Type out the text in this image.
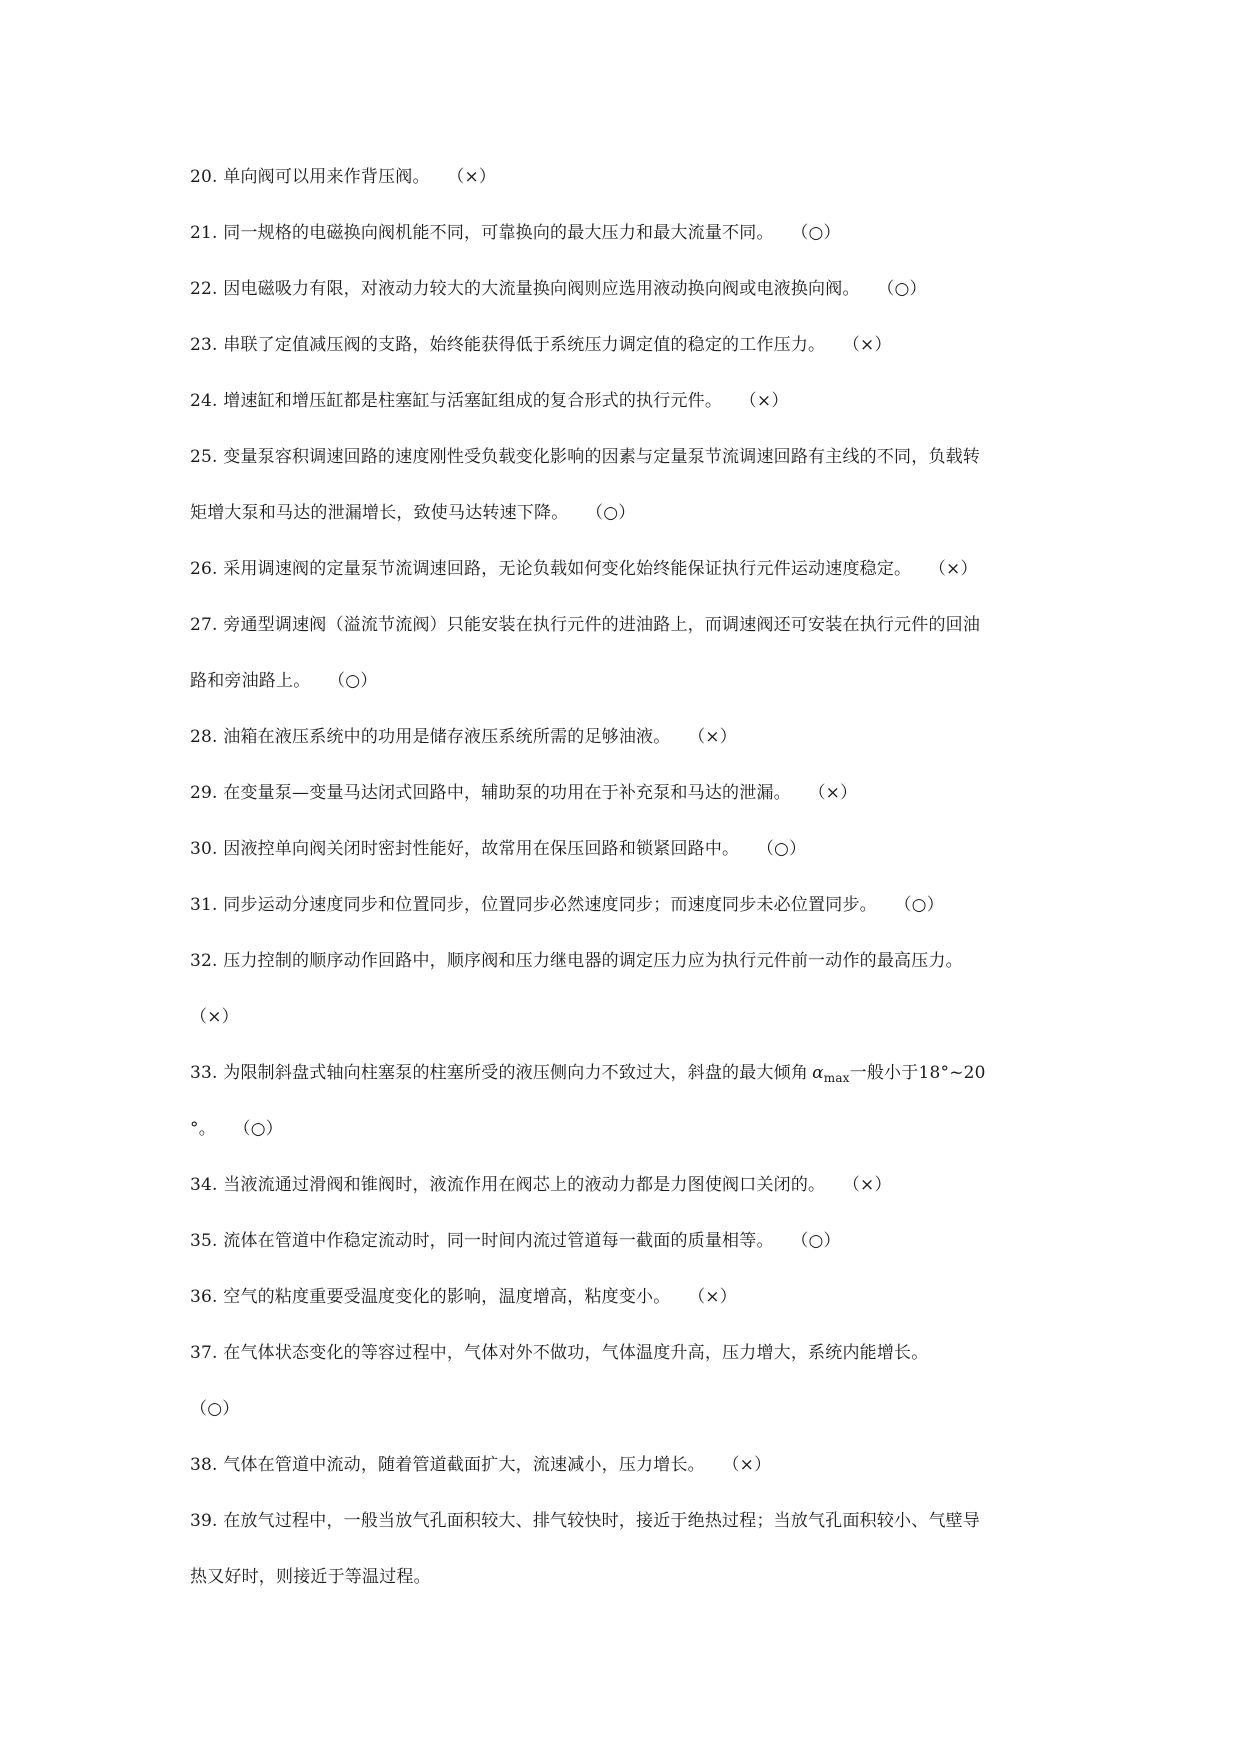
20. 单向阀可以用来作背压阀。 （×）
21. 同一规格的电磁换向阀机能不同，可靠换向的最大压力和最大流量不同。 （○）
22. 因电磁吸力有限，对液动力较大的大流量换向阀则应选用液动换向阀或电液换向阀。 （○）
23. 串联了定值减压阀的支路，始终能获得低于系统压力调定值的稳定的工作压力。 （×）
24. 增速缸和增压缸都是柱塞缸与活塞缸组成的复合形式的执行元件。 （×）
25. 变量泵容积调速回路的速度刚性受负载变化影响的因素与定量泵节流调速回路有主线的不同，负载转
矩增大泵和马达的泄漏增长，致使马达转速下降。 （○）
26. 采用调速阀的定量泵节流调速回路，无论负载如何变化始终能保证执行元件运动速度稳定。 （×）
27. 旁通型调速阀（溢流节流阀）只能安装在执行元件的进油路上，而调速阀还可安装在执行元件的回油
路和旁油路上。 （○）
28. 油箱在液压系统中的功用是储存液压系统所需的足够油液。 （×）
29. 在变量泵—变量马达闭式回路中，辅助泵的功用在于补充泵和马达的泄漏。 （×）
30. 因液控单向阀关闭时密封性能好，故常用在保压回路和锁紧回路中。 （○）
31. 同步运动分速度同步和位置同步，位置同步必然速度同步；而速度同步未必位置同步。 （○）
32. 压力控制的顺序动作回路中，顺序阀和压力继电器的调定压力应为执行元件前一动作的最高压力。
（×）
33. 为限制斜盘式轴向柱塞泵的柱塞所受的液压侧向力不致过大，斜盘的最大倾角 $\alpha_{max}$一般小于18°~20
°。 （○）
34. 当液流通过滑阀和锥阀时，液流作用在阀芯上的液动力都是力图使阀口关闭的。 （×）
35. 流体在管道中作稳定流动时，同一时间内流过管道每一截面的质量相等。 （○）
36. 空气的粘度重要受温度变化的影响，温度增高，粘度变小。 （×）
37. 在气体状态变化的等容过程中，气体对外不做功，气体温度升高，压力增大，系统内能增长。
（○）
38. 气体在管道中流动，随着管道截面扩大，流速减小，压力增长。 （×）
39. 在放气过程中，一般当放气孔面积较大、排气较快时，接近于绝热过程；当放气孔面积较小、气壁导
热又好时，则接近于等温过程。
